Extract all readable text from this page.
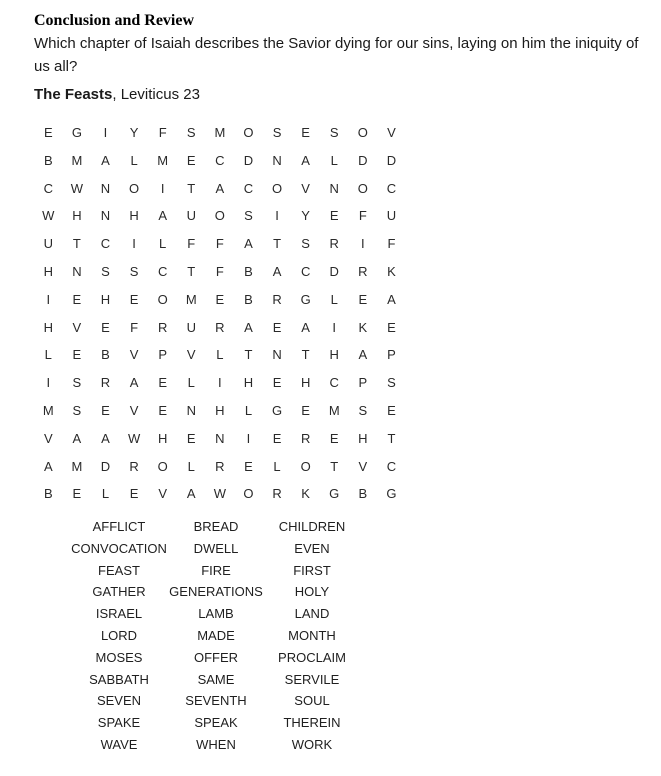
Conclusion and Review
Which chapter of Isaiah describes the Savior dying for our sins, laying on him the iniquity of us all?
The Feasts, Leviticus 23
E	G	I	Y	F	S	M	O	S	E	S	O	V
B	M	A	L	M	E	C	D	N	A	L	D	D
C	W	N	O	I	T	A	C	O	V	N	O	C
W	H	N	H	A	U	O	S	I	Y	E	F	U
U	T	C	I	L	F	F	A	T	S	R	I	F
H	N	S	S	C	T	F	B	A	C	D	R	K
I	E	H	E	O	M	E	B	R	G	L	E	A
H	V	E	F	R	U	R	A	E	A	I	K	E
L	E	B	V	P	V	L	T	N	T	H	A	P
I	S	R	A	E	L	I	H	E	H	C	P	S
M	S	E	V	E	N	H	L	G	E	M	S	E
V	A	A	W	H	E	N	I	E	R	E	H	T
A	M	D	R	O	L	R	E	L	O	T	V	C
B	E	L	E	V	A	W	O	R	K	G	B	G
AFFLICT	BREAD	CHILDREN
CONVOCATION	DWELL	EVEN
FEAST	FIRE	FIRST
GATHER	GENERATIONS	HOLY
ISRAEL	LAMB	LAND
LORD	MADE	MONTH
MOSES	OFFER	PROCLAIM
SABBATH	SAME	SERVILE
SEVEN	SEVENTH	SOUL
SPAKE	SPEAK	THEREIN
WAVE	WHEN	WORK
